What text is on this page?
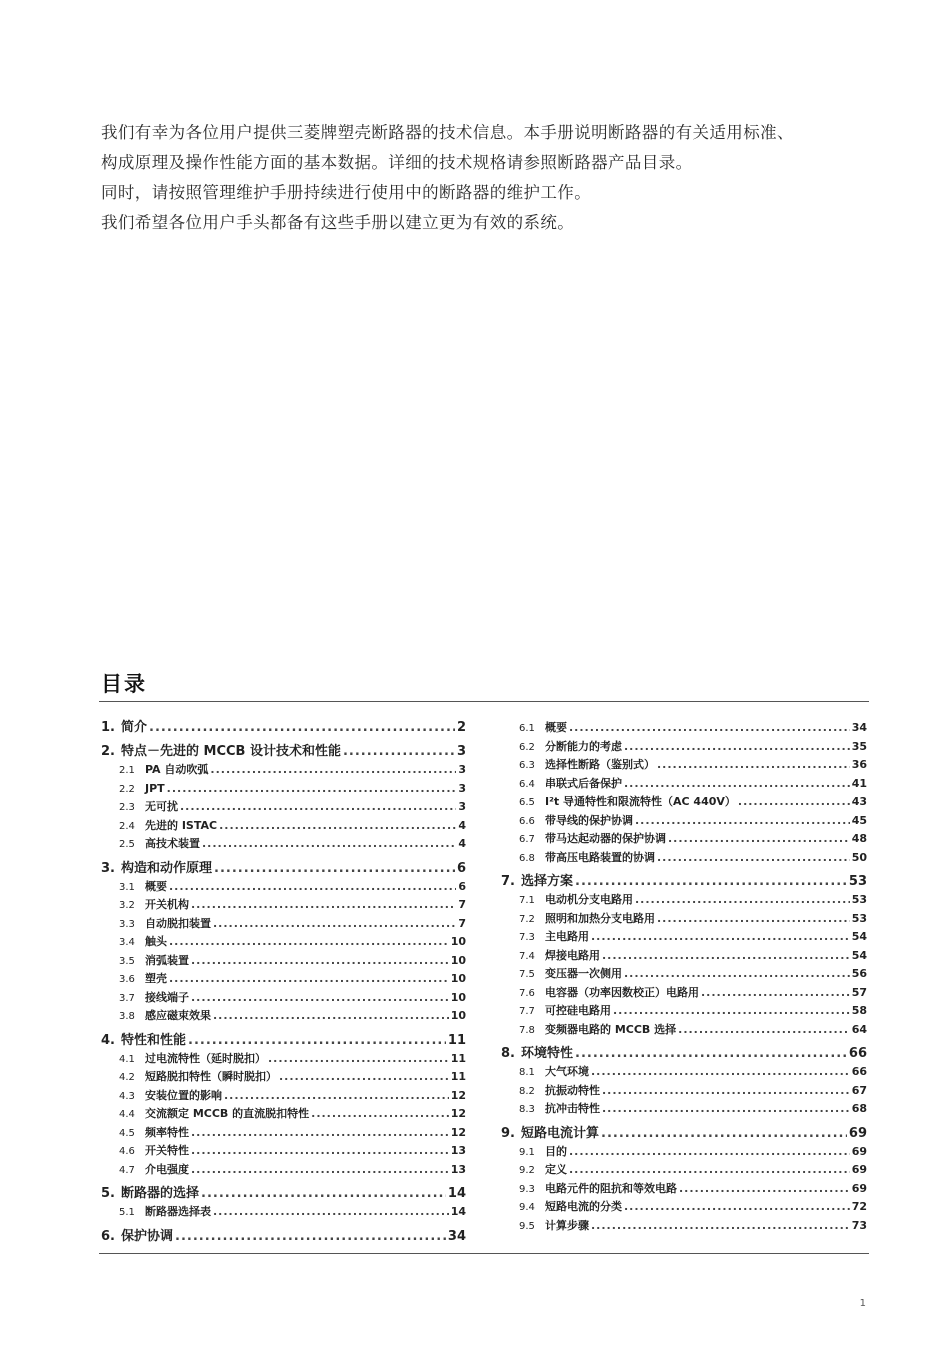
我们有幸为各位用户提供三菱牌塑壳断路器的技术信息。本手册说明断路器的有关适用标准、

构成原理及操作性能方面的基本数据。详细的技术规格请参照断路器产品目录。

同时，请按照管理维护手册持续进行使用中的断路器的维护工作。

我们希望各位用户手头都备有这些手册以建立更为有效的系统。

目录
1. 简介 .....	2
2. 特点－先进的 MCCB 设计技术和性能 .....	3
2.1 PA 自动吹弧 .....	3
2.2 JPT .....	3
2.3 无可扰 .....	3
2.4 先进的 ISTAC .....	4
2.5 高技术装置 .....	4
3. 构造和动作原理 .....	6
3.1 概要 .....	6
3.2 开关机构 .....	7
3.3 自动脱扣装置 .....	7
3.4 触头 .....	10
3.5 消弧装置 .....	10
3.6 塑壳 .....	10
3.7 接线端子 .....	10
3.8 感应磁束效果 .....	10
4. 特性和性能 .....	11
4.1 过电流特性（延时脱扣） .....	11
4.2 短路脱扣特性（瞬时脱扣） .....	11
4.3 安装位置的影响 .....	12
4.4 交流额定 MCCB 的直流脱扣特性 .....	12
4.5 频率特性 .....	12
4.6 开关特性 .....	13
4.7 介电强度 .....	13
5. 断路器的选择 .....	14
5.1 断路器选择表 .....	14
6. 保护协调 .....	34
6.1 概要 .....	34
6.2 分断能力的考虑 .....	35
6.3 选择性断路（鉴别式） .....	36
6.4 串联式后备保护 .....	41
6.5 I²t 导通特性和限流特性（AC 440V） .....	43
6.6 带导线的保护协调 .....	45
6.7 带马达起动器的保护协调 .....	48
6.8 带高压电路装置的协调 .....	50
7. 选择方案 .....	53
7.1 电动机分支电路用 .....	53
7.2 照明和加热分支电路用 .....	53
7.3 主电路用 .....	54
7.4 焊接电路用 .....	54
7.5 变压器一次侧用 .....	56
7.6 电容器（功率因数校正）电路用 .....	57
7.7 可控硅电路用 .....	58
7.8 变频器电路的 MCCB 选择 .....	64
8. 环境特性 .....	66
8.1 大气环境 .....	66
8.2 抗振动特性 .....	67
8.3 抗冲击特性 .....	68
9. 短路电流计算 .....	69
9.1 目的 .....	69
9.2 定义 .....	69
9.3 电路元件的阻抗和等效电路 .....	69
9.4 短路电流的分类 .....	72
9.5 计算步骤 .....	73
1
